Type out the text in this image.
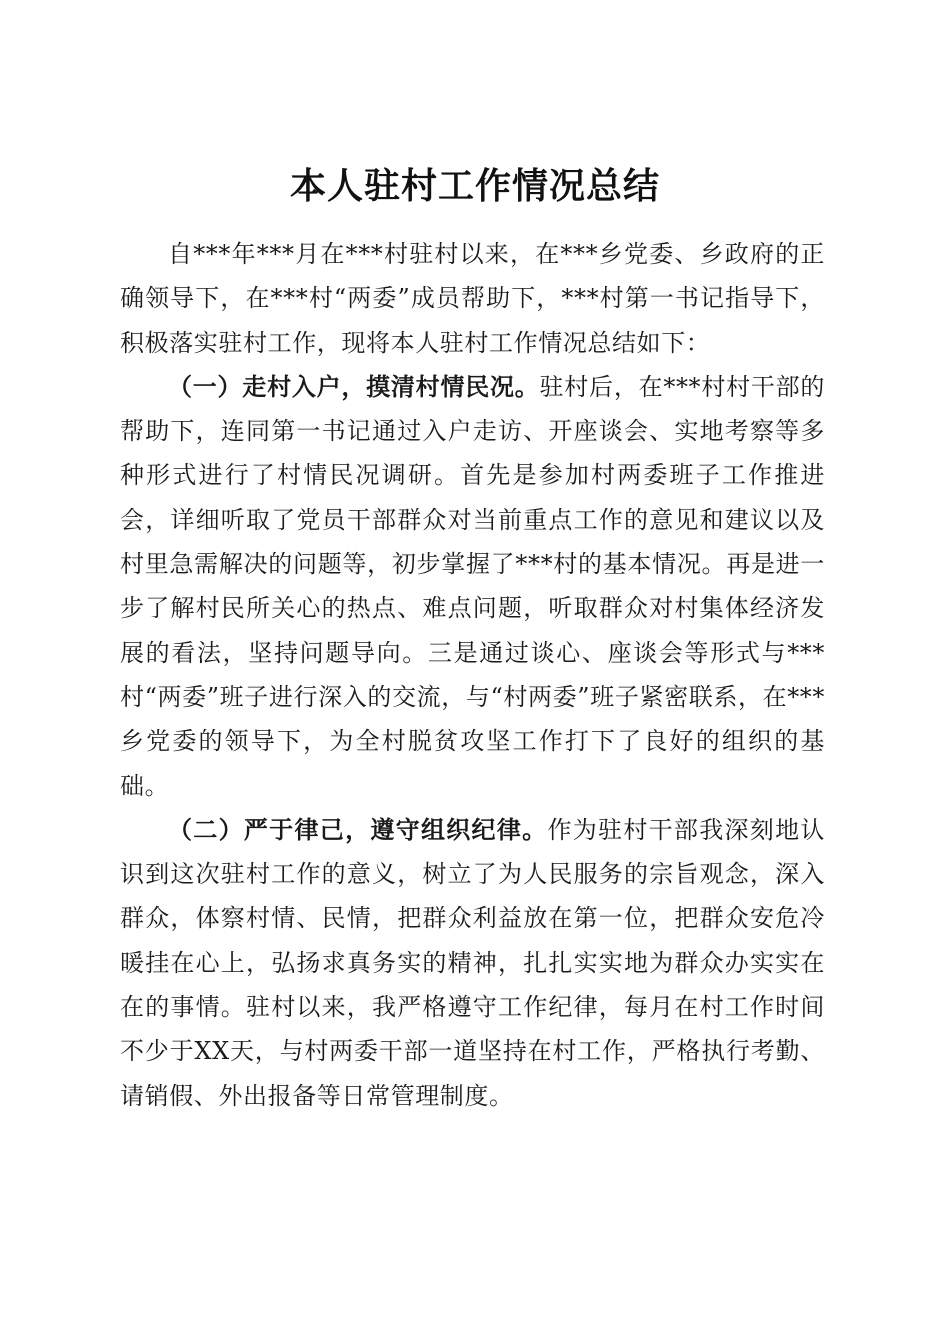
本人驻村工作情况总结

自***年***月在***村驻村以来，在***乡党委、乡政府的正确领导下，在***村“两委”成员帮助下，***村第一书记指导下，积极落实驻村工作，现将本人驻村工作情况总结如下：

（一）走村入户，摸清村情民况。驻村后，在***村村干部的帮助下，连同第一书记通过入户走访、开座谈会、实地考察等多种形式进行了村情民况调研。首先是参加村两委班子工作推进会，详细听取了党员干部群众对当前重点工作的意见和建议以及村里急需解决的问题等，初步掌握了***村的基本情况。再是进一步了解村民所关心的热点、难点问题，听取群众对村集体经济发展的看法，坚持问题导向。三是通过谈心、座谈会等形式与***村“两委”班子进行深入的交流，与“村两委”班子紧密联系，在***乡党委的领导下，为全村脱贫攻坚工作打下了良好的组织的基础。

（二）严于律己，遵守组织纪律。作为驻村干部我深刻地认识到这次驻村工作的意义，树立了为人民服务的宗旨观念，深入群众，体察村情、民情，把群众利益放在第一位，把群众安危冷暖挂在心上，弘扬求真务实的精神，扎扎实实地为群众办实实在在的事情。驻村以来，我严格遵守工作纪律，每月在村工作时间不少于XX天，与村两委干部一道坚持在村工作，严格执行考勤、请销假、外出报备等日常管理制度。
